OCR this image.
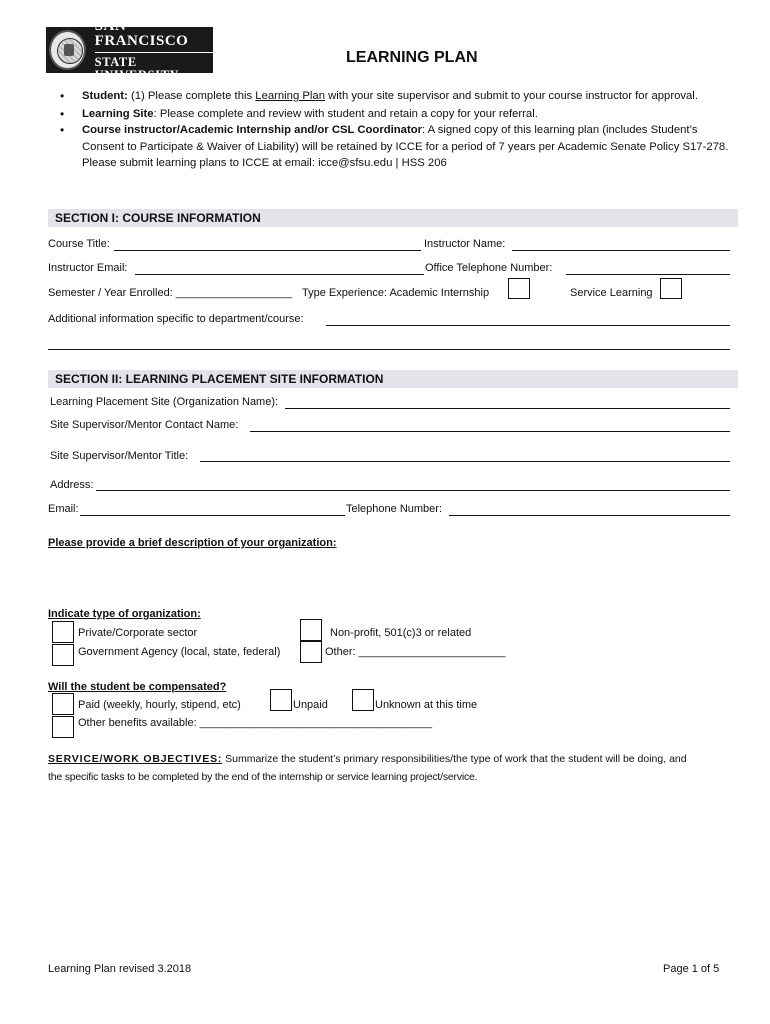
SAN FRANCISCO
STATE UNIVERSITY
LEARNING PLAN
• Student: (1) Please complete this Learning Plan with your site supervisor and submit to your course instructor for approval.
• Learning Site: Please complete and review with student and retain a copy for your referral.
• Course instructor/Academic Internship and/or CSL Coordinator: A signed copy of this learning plan (includes Student’s Consent to Participate & Waiver of Liability) will be retained by ICCE for a period of 7 years per Academic Senate Policy S17-278. Please submit learning plans to ICCE at email: icce@sfsu.edu | HSS 206
SECTION I: COURSE INFORMATION
Course Title:	Instructor Name:
Instructor Email:	Office Telephone Number:
Semester / Year Enrolled: ___________________ Type Experience: Academic Internship	Service Learning
Additional information specific to department/course:
SECTION II: LEARNING PLACEMENT SITE INFORMATION
Learning Placement Site (Organization Name):
Site Supervisor/Mentor Contact Name:
Site Supervisor/Mentor Title:
Address:
Email:	Telephone Number:
Please provide a brief description of your organization:
Indicate type of organization:
Private/Corporate sector	Non-profit, 501(c)3 or related
Government Agency (local, state, federal)	Other: ________________________
Will the student be compensated?
Paid (weekly, hourly, stipend, etc)	Unpaid	Unknown at this time
Other benefits available: ______________________________________
SERVICE/WORK OBJECTIVES: Summarize the student’s primary responsibilities/the type of work that the student will be doing, and
the specific tasks to be completed by the end of the internship or service learning project/service.
Learning Plan revised 3.2018	Page 1 of 5
